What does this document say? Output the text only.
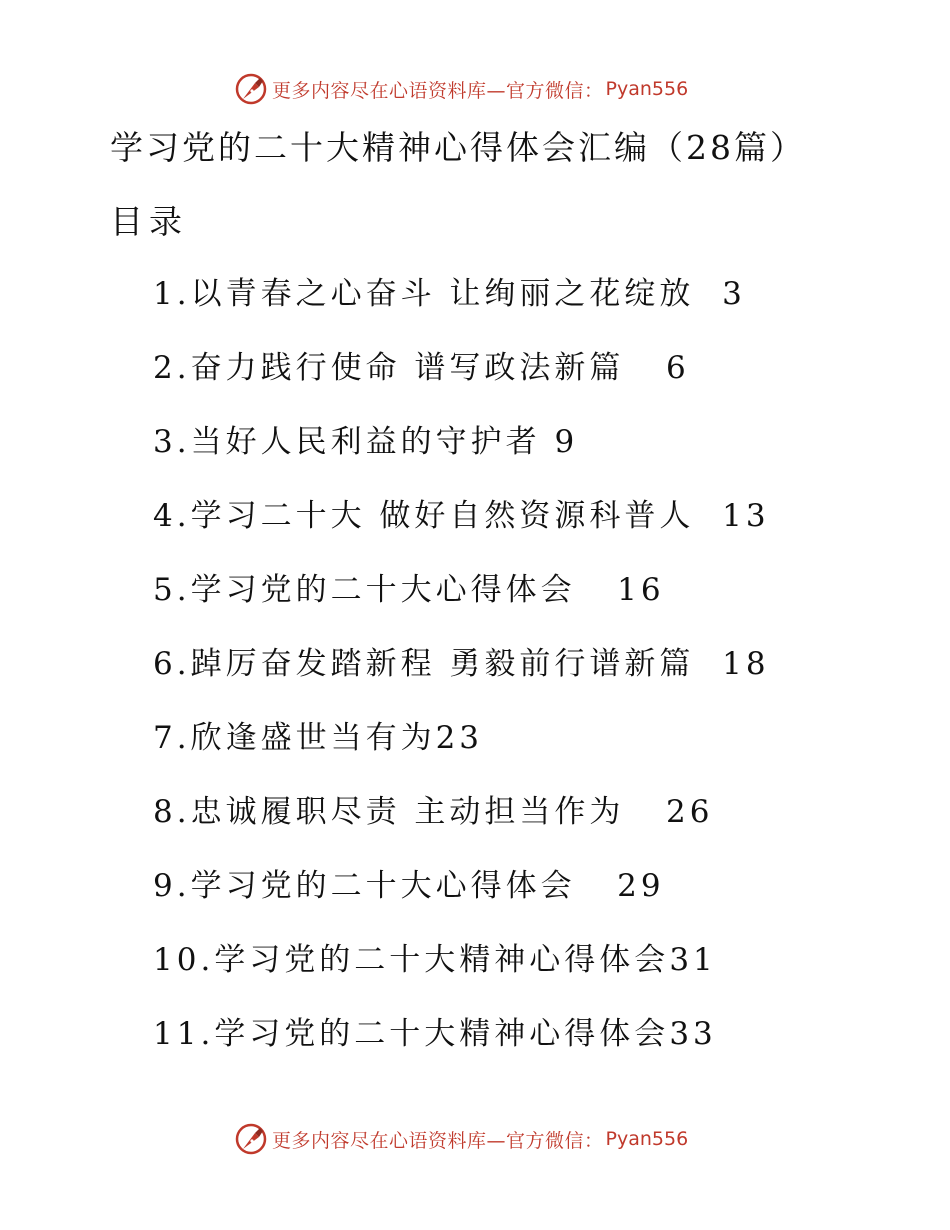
更多内容尽在心语资料库—官方微信： Pyan556
学习党的二十大精神心得体会汇编（28篇）
目录
1.以青春之心奋斗 让绚丽之花绽放 3
2.奋力践行使命 谱写政法新篇 6
3.当好人民利益的守护者 9
4.学习二十大 做好自然资源科普人 13
5.学习党的二十大心得体会 16
6.踔厉奋发踏新程 勇毅前行谱新篇 18
7.欣逢盛世当有为23
8.忠诚履职尽责 主动担当作为 26
9.学习党的二十大心得体会 29
10.学习党的二十大精神心得体会31
11.学习党的二十大精神心得体会33
更多内容尽在心语资料库—官方微信： Pyan556
